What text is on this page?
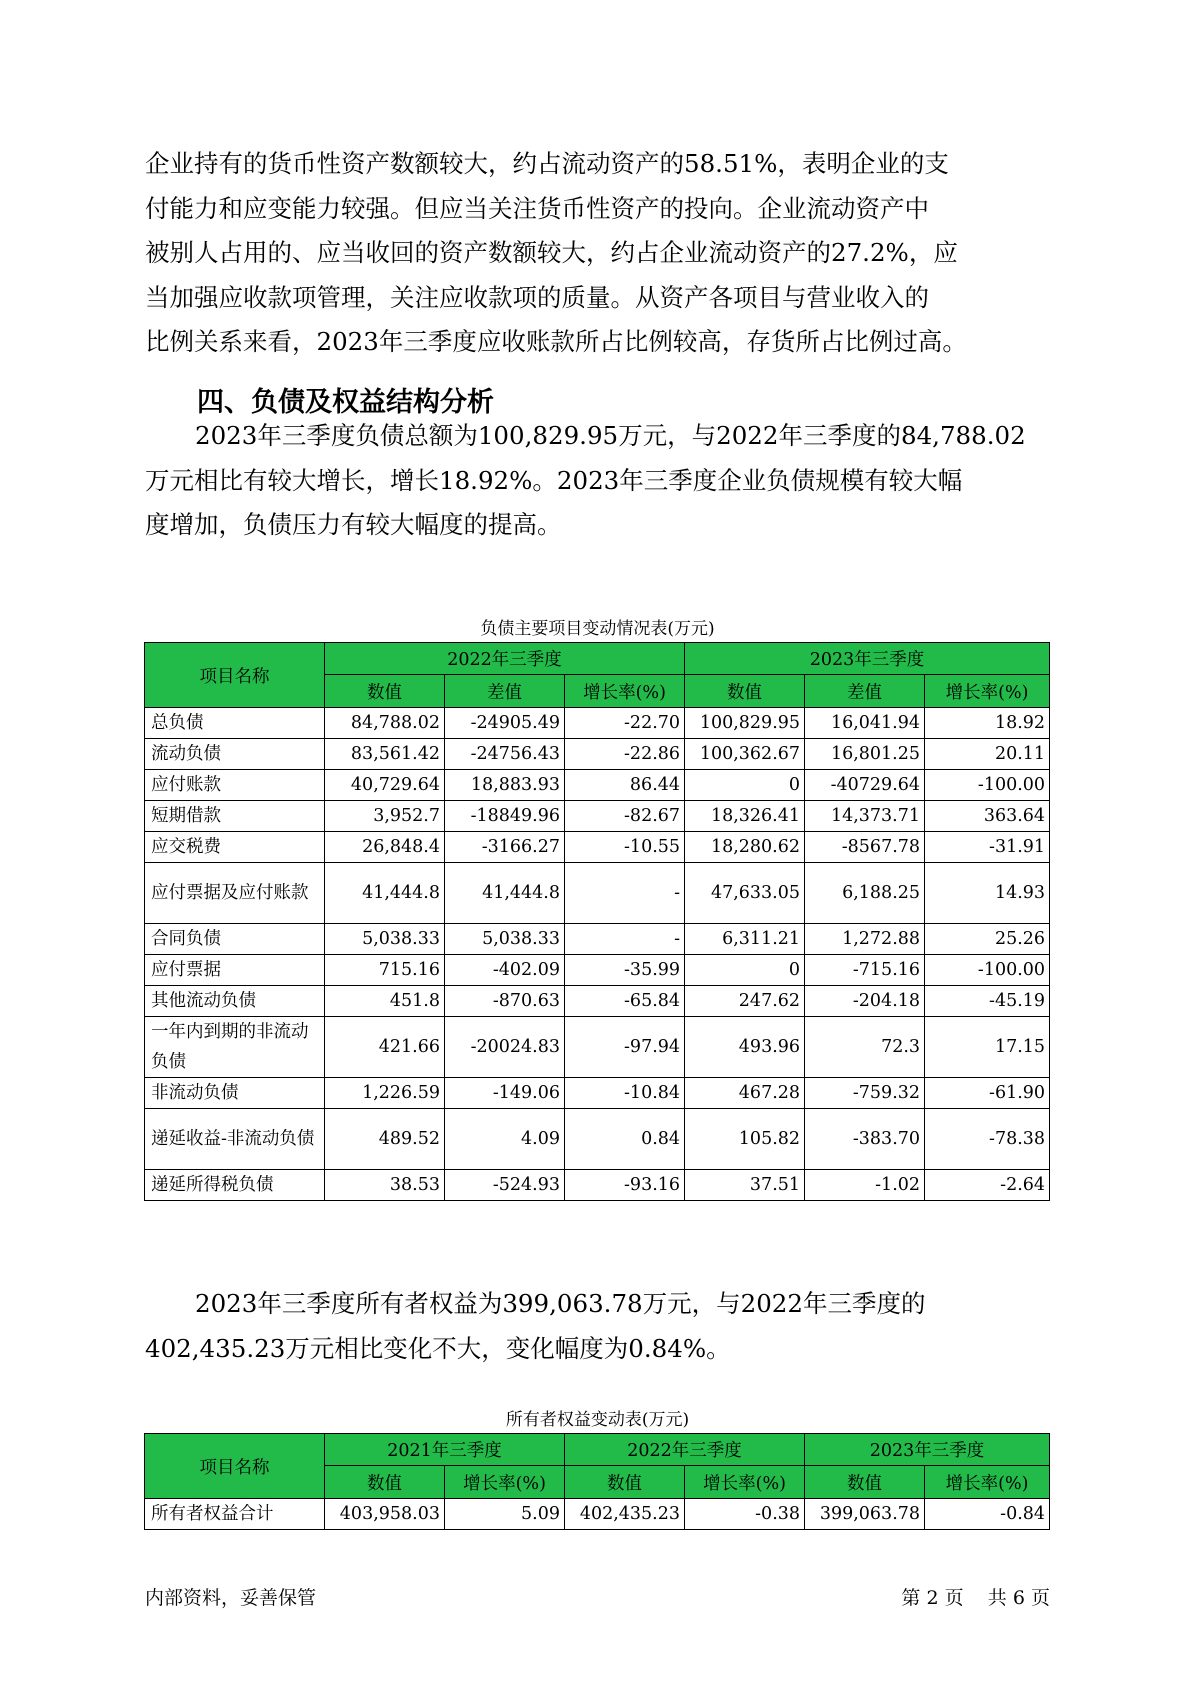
企业持有的货币性资产数额较大，约占流动资产的58.51%，表明企业的支
付能力和应变能力较强。但应当关注货币性资产的投向。企业流动资产中
被别人占用的、应当收回的资产数额较大，约占企业流动资产的27.2%，应
当加强应收款项管理，关注应收款项的质量。从资产各项目与营业收入的
比例关系来看，2023年三季度应收账款所占比例较高，存货所占比例过高。
四、负债及权益结构分析
2023年三季度负债总额为100,829.95万元，与2022年三季度的84,788.02
万元相比有较大增长，增长18.92%。2023年三季度企业负债规模有较大幅
度增加，负债压力有较大幅度的提高。
负债主要项目变动情况表(万元)
项目名称	2022年三季度			2023年三季度		
	数值	差值	增长率(%)	数值	差值	增长率(%)
总负债	84,788.02	-24905.49	-22.70	100,829.95	16,041.94	18.92
流动负债	83,561.42	-24756.43	-22.86	100,362.67	16,801.25	20.11
应付账款	40,729.64	18,883.93	86.44	0	-40729.64	-100.00
短期借款	3,952.7	-18849.96	-82.67	18,326.41	14,373.71	363.64
应交税费	26,848.4	-3166.27	-10.55	18,280.62	-8567.78	-31.91
应付票据及应付账款	41,444.8	41,444.8	-	47,633.05	6,188.25	14.93
合同负债	5,038.33	5,038.33	-	6,311.21	1,272.88	25.26
应付票据	715.16	-402.09	-35.99	0	-715.16	-100.00
其他流动负债	451.8	-870.63	-65.84	247.62	-204.18	-45.19
一年内到期的非流动负债	421.66	-20024.83	-97.94	493.96	72.3	17.15
非流动负债	1,226.59	-149.06	-10.84	467.28	-759.32	-61.90
递延收益-非流动负债	489.52	4.09	0.84	105.82	-383.70	-78.38
递延所得税负债	38.53	-524.93	-93.16	37.51	-1.02	-2.64
2023年三季度所有者权益为399,063.78万元，与2022年三季度的
402,435.23万元相比变化不大，变化幅度为0.84%。
所有者权益变动表(万元)
项目名称	2021年三季度		2022年三季度		2023年三季度	
	数值	增长率(%)	数值	增长率(%)	数值	增长率(%)
所有者权益合计	403,958.03	5.09	402,435.23	-0.38	399,063.78	-0.84
内部资料，妥善保管	第 2 页 共 6 页
